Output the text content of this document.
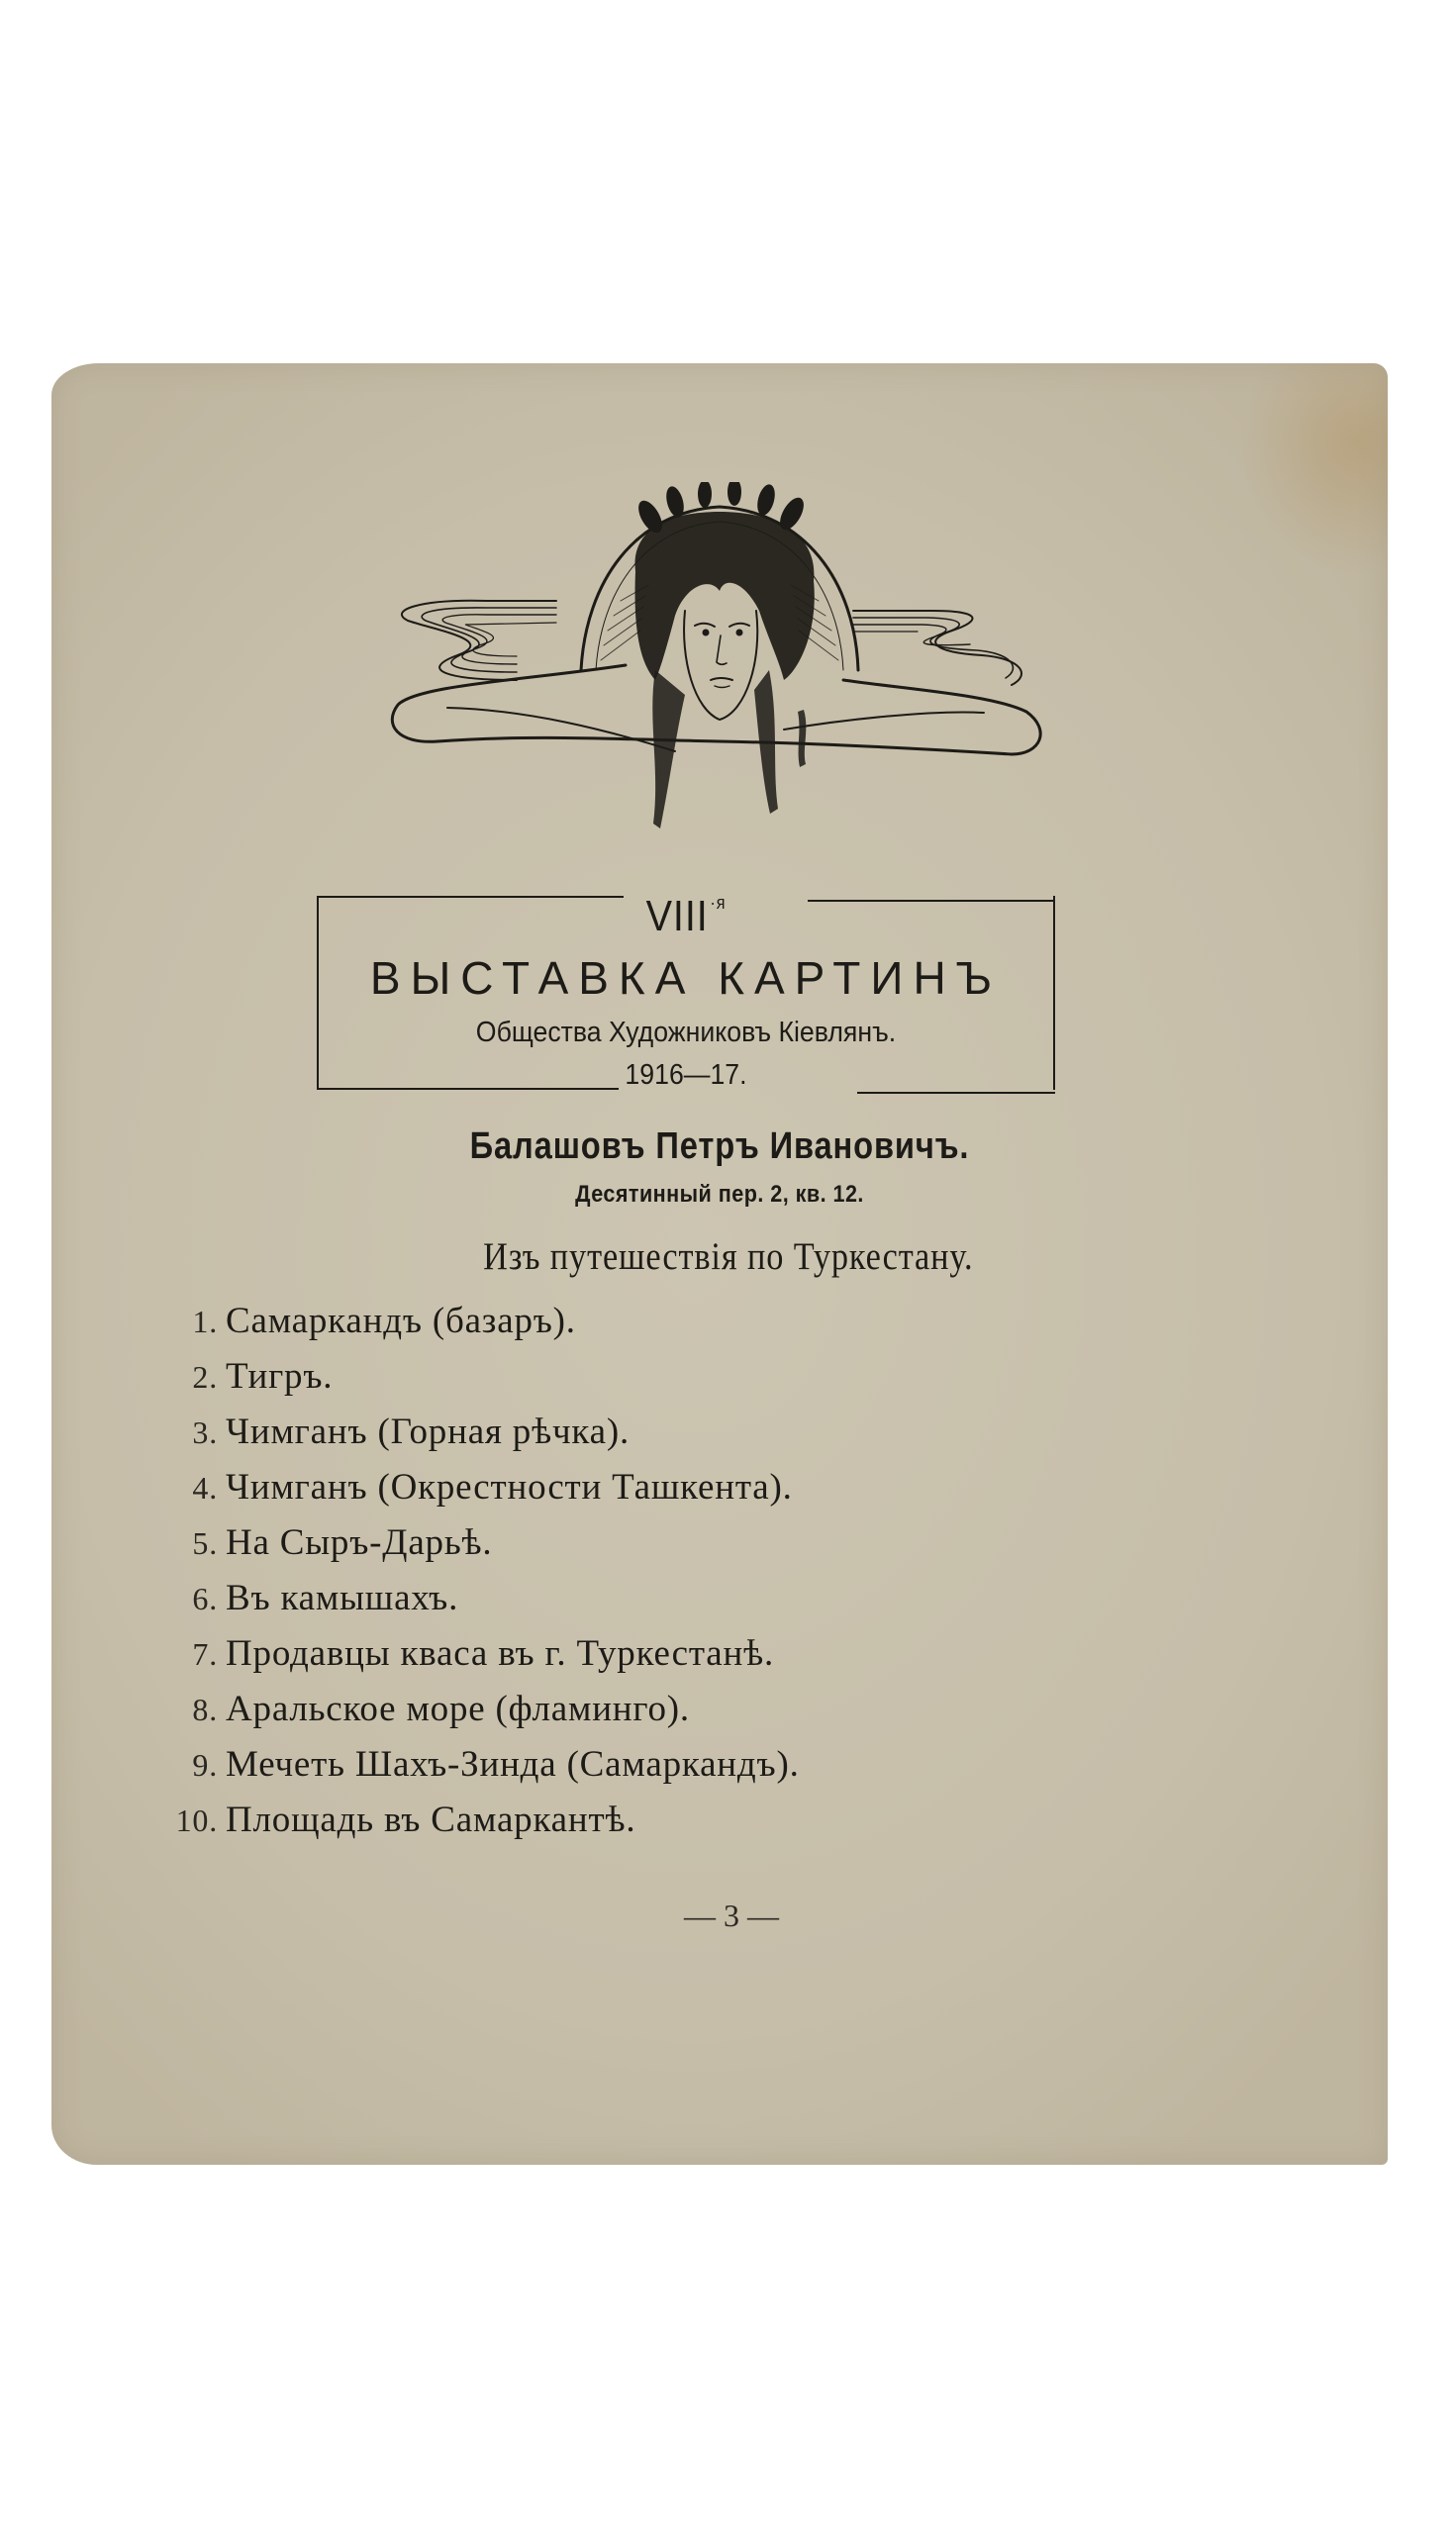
$VIII^{\cdot я}$
ВЫСТАВКА КАРТИНЪ
Общества Художниковъ Кіевлянъ.
1916—17.
Балашовъ Петръ Ивановичъ.
Десятинный пер. 2, кв. 12.
Изъ путешествія по Туркестану.
1. Самаркандъ (базаръ).
2. Тигръ.
3. Чимганъ (Горная рѣчка).
4. Чимганъ (Окрестности Ташкента).
5. На Сыръ-Дарьѣ.
6. Въ камышахъ.
7. Продавцы кваса въ г. Туркестанѣ.
8. Аральское море (фламинго).
9. Мечеть Шахъ-Зинда (Самаркандъ).
10. Площадь въ Самаркантѣ.
— 3 —
